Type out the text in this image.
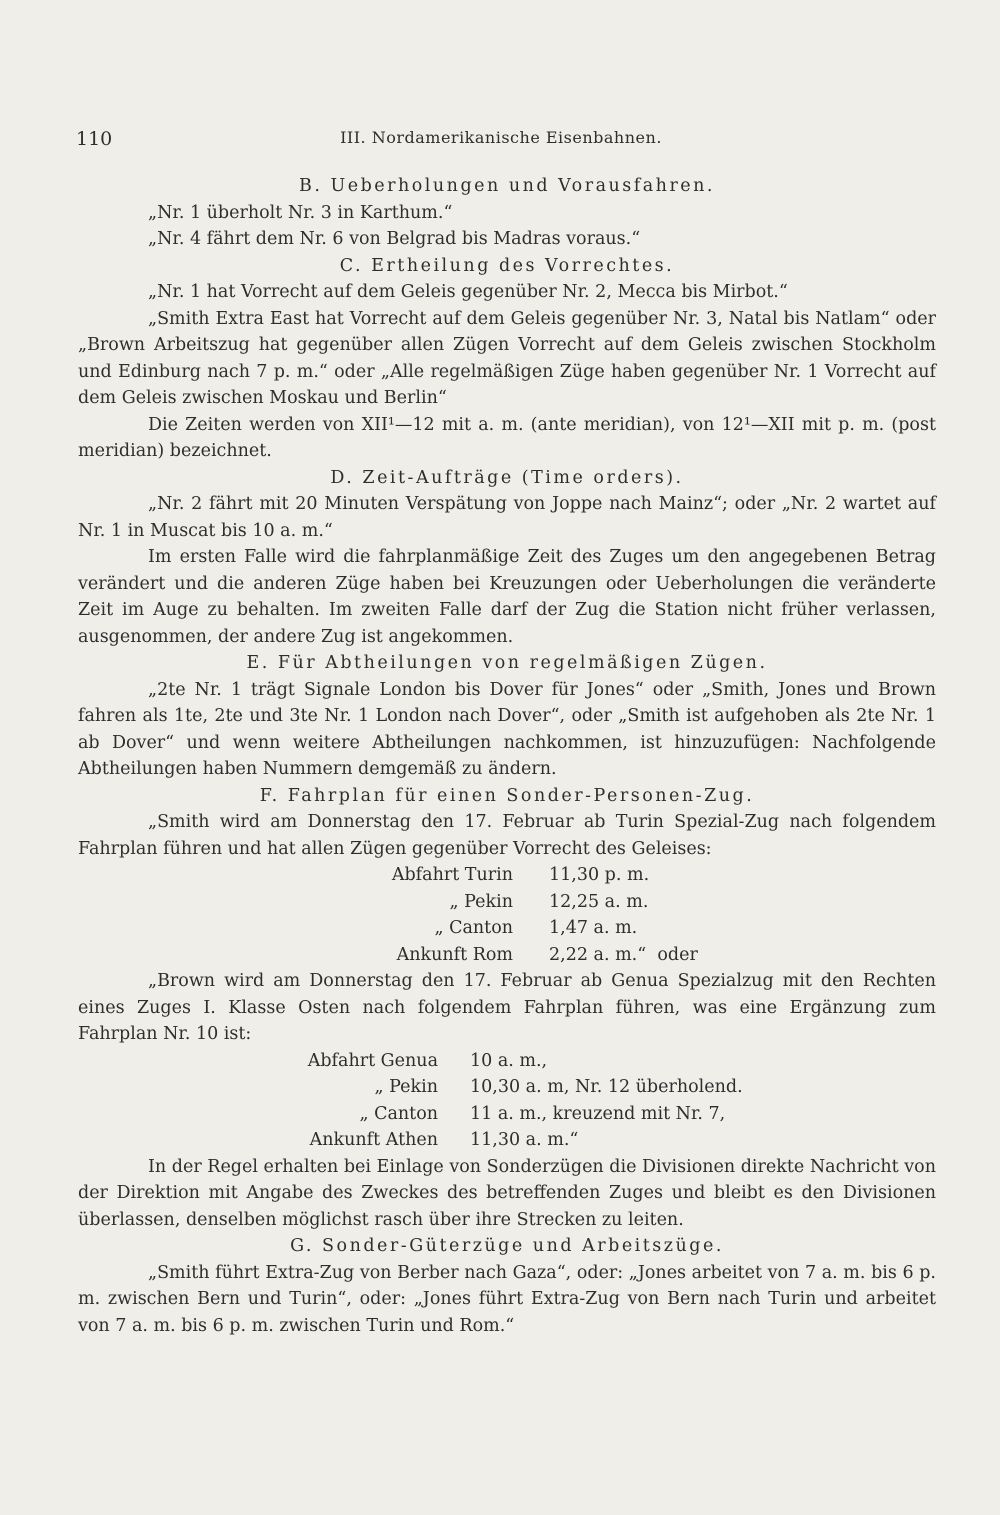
110	III. Nordamerikanische Eisenbahnen.

B. Ueberholungen und Vorausfahren.

„Nr. 1 überholt Nr. 3 in Karthum.“

„Nr. 4 fährt dem Nr. 6 von Belgrad bis Madras voraus.“

C. Ertheilung des Vorrechtes.

„Nr. 1 hat Vorrecht auf dem Geleis gegenüber Nr. 2, Mecca bis Mirbot.“

„Smith Extra East hat Vorrecht auf dem Geleis gegenüber Nr. 3, Natal bis Natlam“ oder „Brown Arbeitszug hat gegenüber allen Zügen Vorrecht auf dem Geleis zwischen Stockholm und Edinburg nach 7 p. m.“ oder „Alle regelmäßigen Züge haben gegenüber Nr. 1 Vorrecht auf dem Geleis zwischen Moskau und Berlin“

Die Zeiten werden von XII¹—12 mit a. m. (ante meridian), von 12¹—XII mit p. m. (post meridian) bezeichnet.

D. Zeit-Aufträge (Time orders).

„Nr. 2 fährt mit 20 Minuten Verspätung von Joppe nach Mainz“; oder „Nr. 2 wartet auf Nr. 1 in Muscat bis 10 a. m.“

Im ersten Falle wird die fahrplanmäßige Zeit des Zuges um den angegebenen Betrag verändert und die anderen Züge haben bei Kreuzungen oder Ueberholungen die veränderte Zeit im Auge zu behalten. Im zweiten Falle darf der Zug die Station nicht früher verlassen, ausgenommen, der andere Zug ist angekommen.

E. Für Abtheilungen von regelmäßigen Zügen.

„2te Nr. 1 trägt Signale London bis Dover für Jones“ oder „Smith, Jones und Brown fahren als 1te, 2te und 3te Nr. 1 London nach Dover“, oder „Smith ist aufgehoben als 2te Nr. 1 ab Dover“ und wenn weitere Abtheilungen nachkommen, ist hinzuzufügen: Nachfolgende Abtheilungen haben Nummern demgemäß zu ändern.

F. Fahrplan für einen Sonder-Personen-Zug.

„Smith wird am Donnerstag den 17. Februar ab Turin Spezial-Zug nach folgendem Fahrplan führen und hat allen Zügen gegenüber Vorrecht des Geleises:

Abfahrt Turin	11,30 p. m.
„ Pekin	12,25 a. m.
„ Canton	1,47 a. m.
Ankunft Rom	2,22 a. m.“ oder

„Brown wird am Donnerstag den 17. Februar ab Genua Spezialzug mit den Rechten eines Zuges I. Klasse Osten nach folgendem Fahrplan führen, was eine Ergänzung zum Fahrplan Nr. 10 ist:

Abfahrt Genua	10 a. m.,
„ Pekin	10,30 a. m, Nr. 12 überholend.
„ Canton	11 a. m., kreuzend mit Nr. 7,
Ankunft Athen	11,30 a. m.“

In der Regel erhalten bei Einlage von Sonderzügen die Divisionen direkte Nachricht von der Direktion mit Angabe des Zweckes des betreffenden Zuges und bleibt es den Divisionen überlassen, denselben möglichst rasch über ihre Strecken zu leiten.

G. Sonder-Güterzüge und Arbeitszüge.

„Smith führt Extra-Zug von Berber nach Gaza“, oder: „Jones arbeitet von 7 a. m. bis 6 p. m. zwischen Bern und Turin“, oder: „Jones führt Extra-Zug von Bern nach Turin und arbeitet von 7 a. m. bis 6 p. m. zwischen Turin und Rom.“
